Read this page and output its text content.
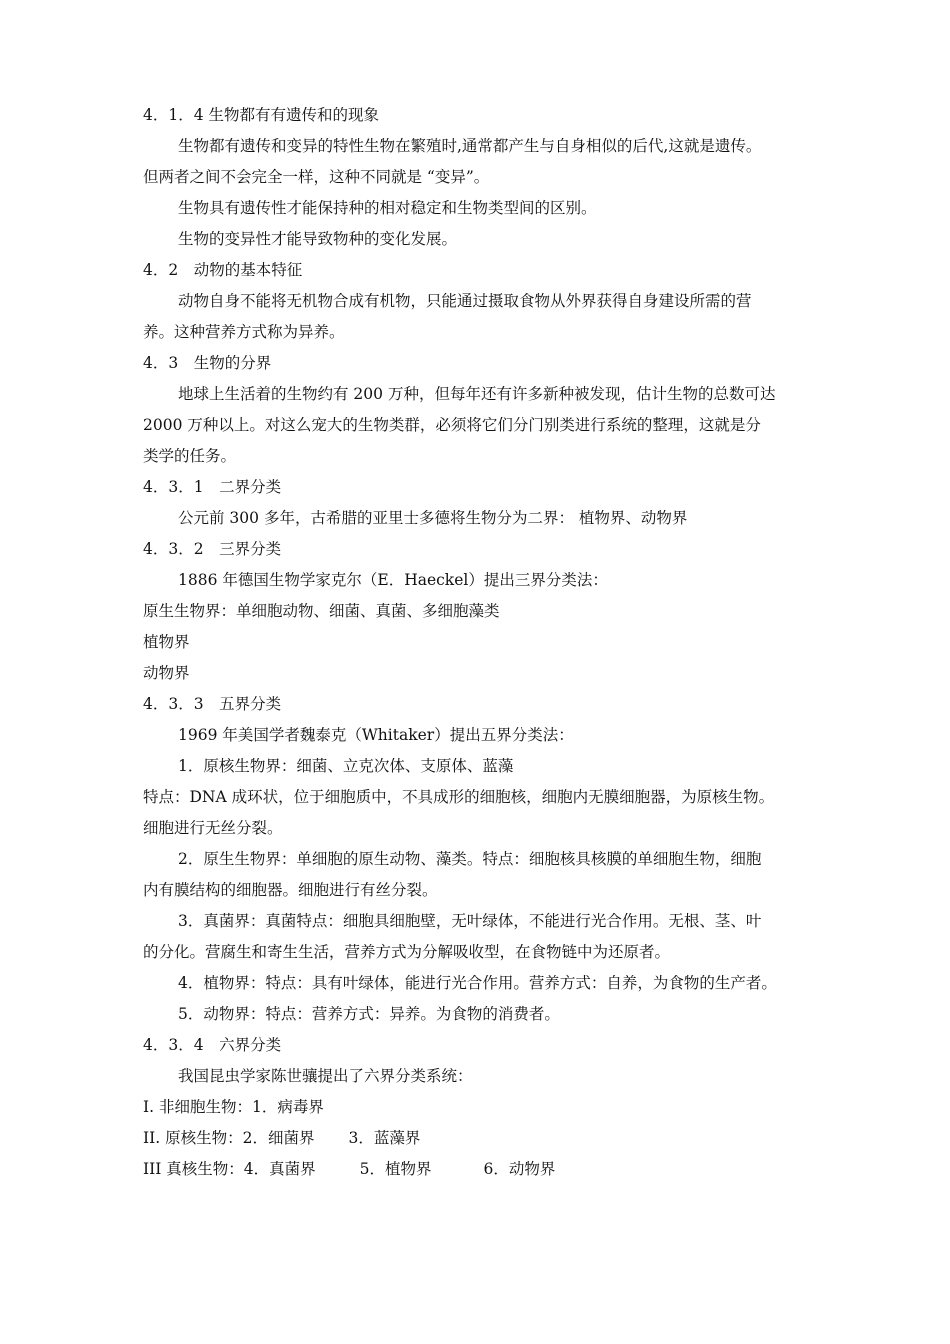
4．1．4 生物都有有遗传和的现象
生物都有遗传和变异的特性生物在繁殖时,通常都产生与自身相似的后代,这就是遗传。
但两者之间不会完全一样，这种不同就是 “变异”。
生物具有遗传性才能保持种的相对稳定和生物类型间的区别。
生物的变异性才能导致物种的变化发展。
4．2　动物的基本特征
动物自身不能将无机物合成有机物，只能通过摄取食物从外界获得自身建设所需的营
养。这种营养方式称为异养。
4．3　生物的分界
地球上生活着的生物约有 200 万种，但每年还有许多新种被发现，估计生物的总数可达
2000 万种以上。对这么宠大的生物类群，必须将它们分门别类进行系统的整理，这就是分
类学的任务。
4．3．1　二界分类
公元前 300 多年，古希腊的亚里士多德将生物分为二界： 植物界、动物界
4．3．2　三界分类
1886 年德国生物学家克尔（E．Haeckel）提出三界分类法：
原生生物界：单细胞动物、细菌、真菌、多细胞藻类
植物界
动物界
4．3．3　五界分类
1969 年美国学者魏泰克（Whitaker）提出五界分类法：
1．原核生物界：细菌、立克次体、支原体、蓝藻
特点：DNA 成环状，位于细胞质中，不具成形的细胞核，细胞内无膜细胞器，为原核生物。
细胞进行无丝分裂。
2．原生生物界：单细胞的原生动物、藻类。特点：细胞核具核膜的单细胞生物，细胞
内有膜结构的细胞器。细胞进行有丝分裂。
3．真菌界：真菌特点：细胞具细胞壁，无叶绿体，不能进行光合作用。无根、茎、叶
的分化。营腐生和寄生生活，营养方式为分解吸收型，在食物链中为还原者。
4．植物界：特点：具有叶绿体，能进行光合作用。营养方式：自养，为食物的生产者。
5．动物界：特点：营养方式：异养。为食物的消费者。
4．3．4　六界分类
我国昆虫学家陈世骧提出了六界分类系统：
I. 非细胞生物：1．病毒界
II. 原核生物：2．细菌界 3．蓝藻界
III 真核生物：4．真菌界	5．植物界	6．动物界
